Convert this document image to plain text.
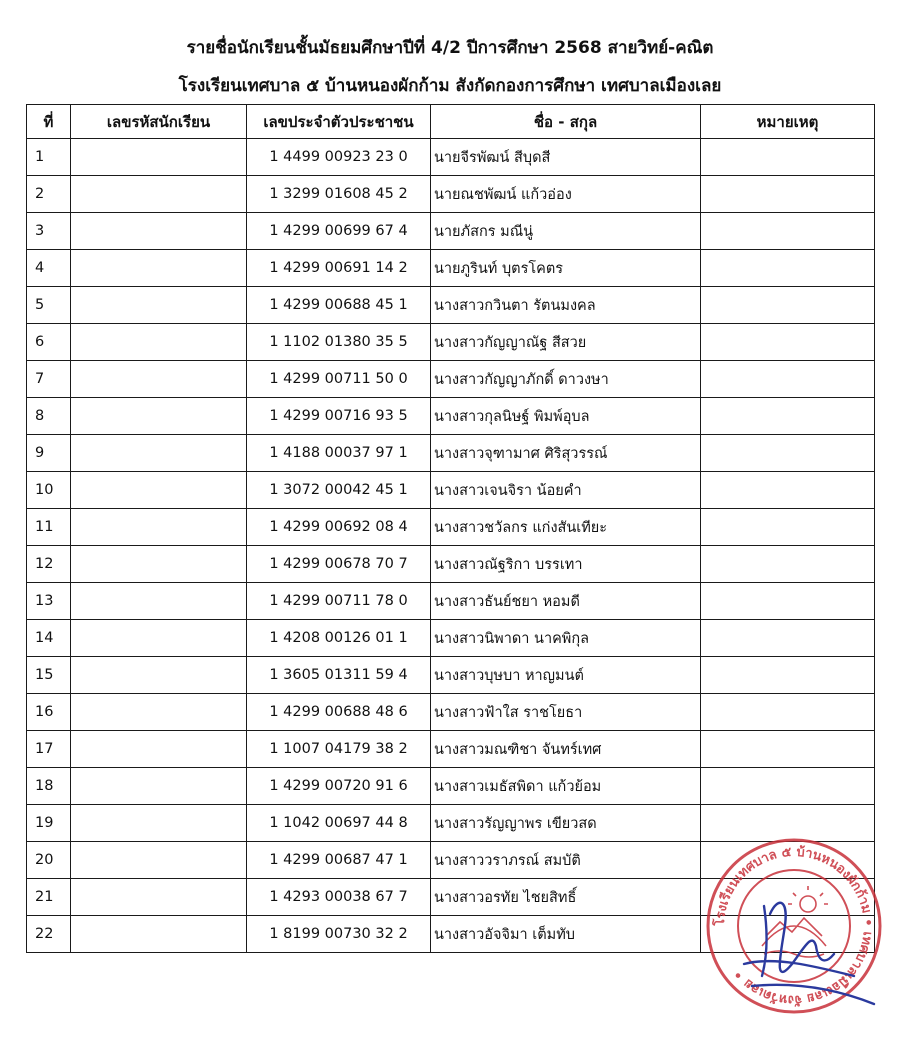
รายชื่อนักเรียนชั้นมัธยมศึกษาปีที่ 4/2 ปีการศึกษา 2568 สายวิทย์-คณิต
โรงเรียนเทศบาล ๕ บ้านหนองผักก้าม สังกัดกองการศึกษา เทศบาลเมืองเลย
ที่	เลขรหัสนักเรียน	เลขประจำตัวประชาชน	ชื่อ - สกุล	หมายเหตุ
1		1 4499 00923 23 0	นายจีรพัฒน์ สีบุดสี	
2		1 3299 01608 45 2	นายณชพัฒน์ แก้วอ่อง	
3		1 4299 00699 67 4	นายภัสกร มณีนู่	
4		1 4299 00691 14 2	นายภูรินท์ บุตรโคตร	
5		1 4299 00688 45 1	นางสาวกวินตา รัตนมงคล	
6		1 1102 01380 35 5	นางสาวกัญญาณัฐ สีสวย	
7		1 4299 00711 50 0	นางสาวกัญญาภักดิ์ ดาวงษา	
8		1 4299 00716 93 5	นางสาวกุลนิษฐ์ พิมพ์อุบล	
9		1 4188 00037 97 1	นางสาวจุฑามาศ ศิริสุวรรณ์	
10		1 3072 00042 45 1	นางสาวเจนจิรา น้อยคำ	
11		1 4299 00692 08 4	นางสาวชวัลกร แก่งสันเทียะ	
12		1 4299 00678 70 7	นางสาวณัฐริกา บรรเทา	
13		1 4299 00711 78 0	นางสาวธันย์ชยา หอมดี	
14		1 4208 00126 01 1	นางสาวนิพาดา นาคพิกุล	
15		1 3605 01311 59 4	นางสาวบุษบา หาญมนต์	
16		1 4299 00688 48 6	นางสาวฟ้าใส ราชโยธา	
17		1 1007 04179 38 2	นางสาวมณฑิชา จันทร์เทศ	
18		1 4299 00720 91 6	นางสาวเมธัสพิดา แก้วย้อม	
19		1 1042 00697 44 8	นางสาวรัญญาพร เขียวสด	
20		1 4299 00687 47 1	นางสาววราภรณ์ สมบัติ	
21		1 4293 00038 67 7	นางสาวอรทัย ไชยสิทธิ์	
22		1 8199 00730 32 2	นางสาวอัจจิมา เต็มทับ	
โรงเรียนเทศบาล ๕ บ้านหนองผักก้าม • เทศบาลเมืองเลย จังหวัดเลย •
